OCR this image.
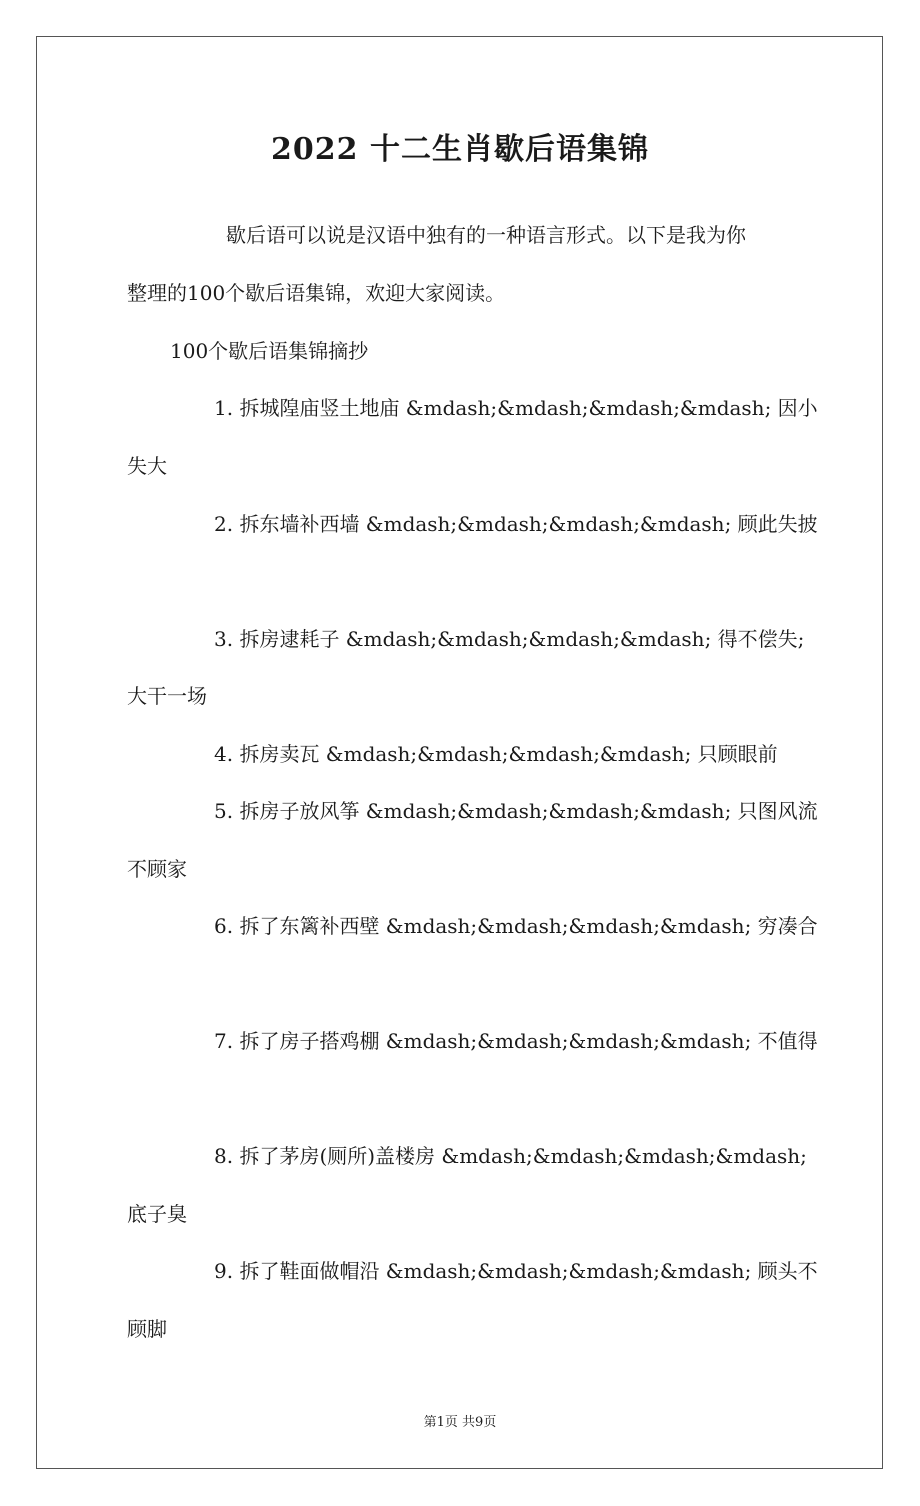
2022 十二生肖歇后语集锦

歇后语可以说是汉语中独有的一种语言形式。以下是我为你

整理的100个歇后语集锦，欢迎大家阅读。

100个歇后语集锦摘抄

1. 拆城隍庙竖土地庙 &mdash;&mdash;&mdash;&mdash; 因小

失大

2. 拆东墙补西墙 &mdash;&mdash;&mdash;&mdash; 顾此失披

3. 拆房逮耗子 &mdash;&mdash;&mdash;&mdash; 得不偿失;

大干一场

4. 拆房卖瓦 &mdash;&mdash;&mdash;&mdash; 只顾眼前

5. 拆房子放风筝 &mdash;&mdash;&mdash;&mdash; 只图风流

不顾家

6. 拆了东篱补西壁 &mdash;&mdash;&mdash;&mdash; 穷凑合

7. 拆了房子搭鸡棚 &mdash;&mdash;&mdash;&mdash; 不值得

8. 拆了茅房(厕所)盖楼房 &mdash;&mdash;&mdash;&mdash;

底子臭

9. 拆了鞋面做帽沿 &mdash;&mdash;&mdash;&mdash; 顾头不

顾脚

第1页 共9页
